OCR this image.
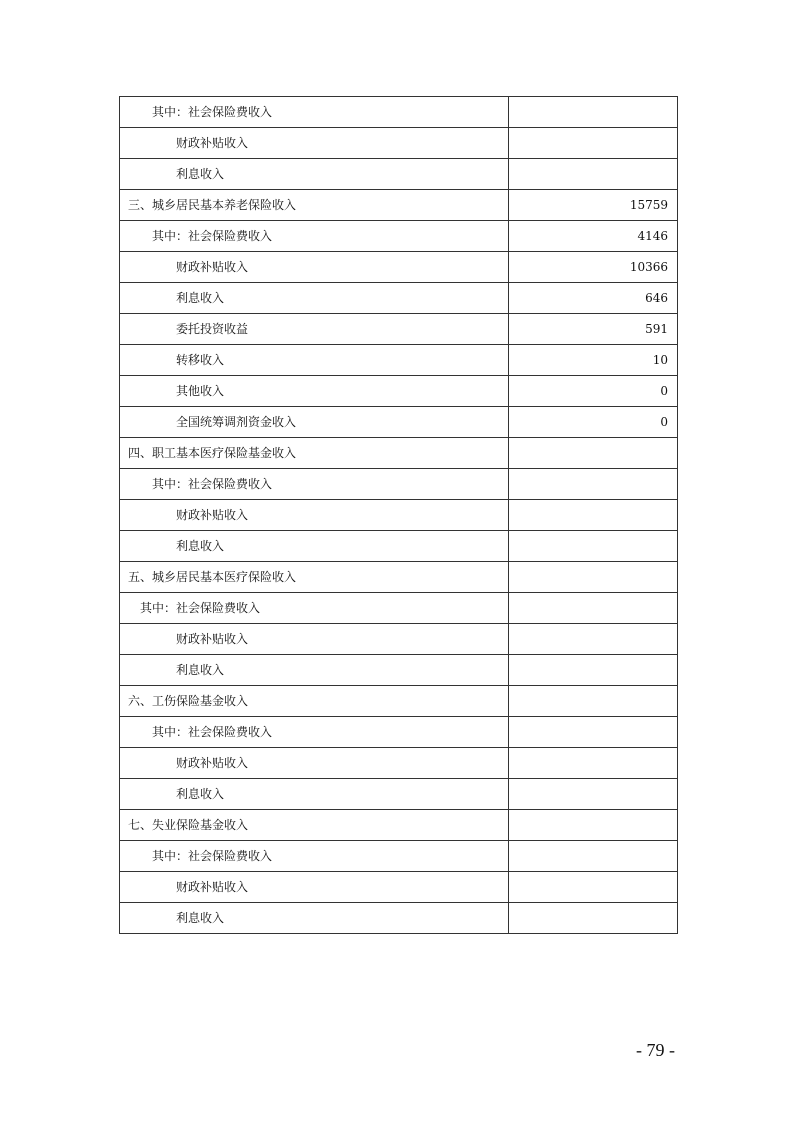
其中：社会保险费收入	
财政补贴收入	
利息收入	
三、城乡居民基本养老保险收入	15759
其中：社会保险费收入	4146
财政补贴收入	10366
利息收入	646
委托投资收益	591
转移收入	10
其他收入	0
全国统筹调剂资金收入	0
四、职工基本医疗保险基金收入	
其中：社会保险费收入	
财政补贴收入	
利息收入	
五、城乡居民基本医疗保险收入	
其中：社会保险费收入	
财政补贴收入	
利息收入	
六、工伤保险基金收入	
其中：社会保险费收入	
财政补贴收入	
利息收入	
七、失业保险基金收入	
其中：社会保险费收入	
财政补贴收入	
利息收入	
- 79 -
